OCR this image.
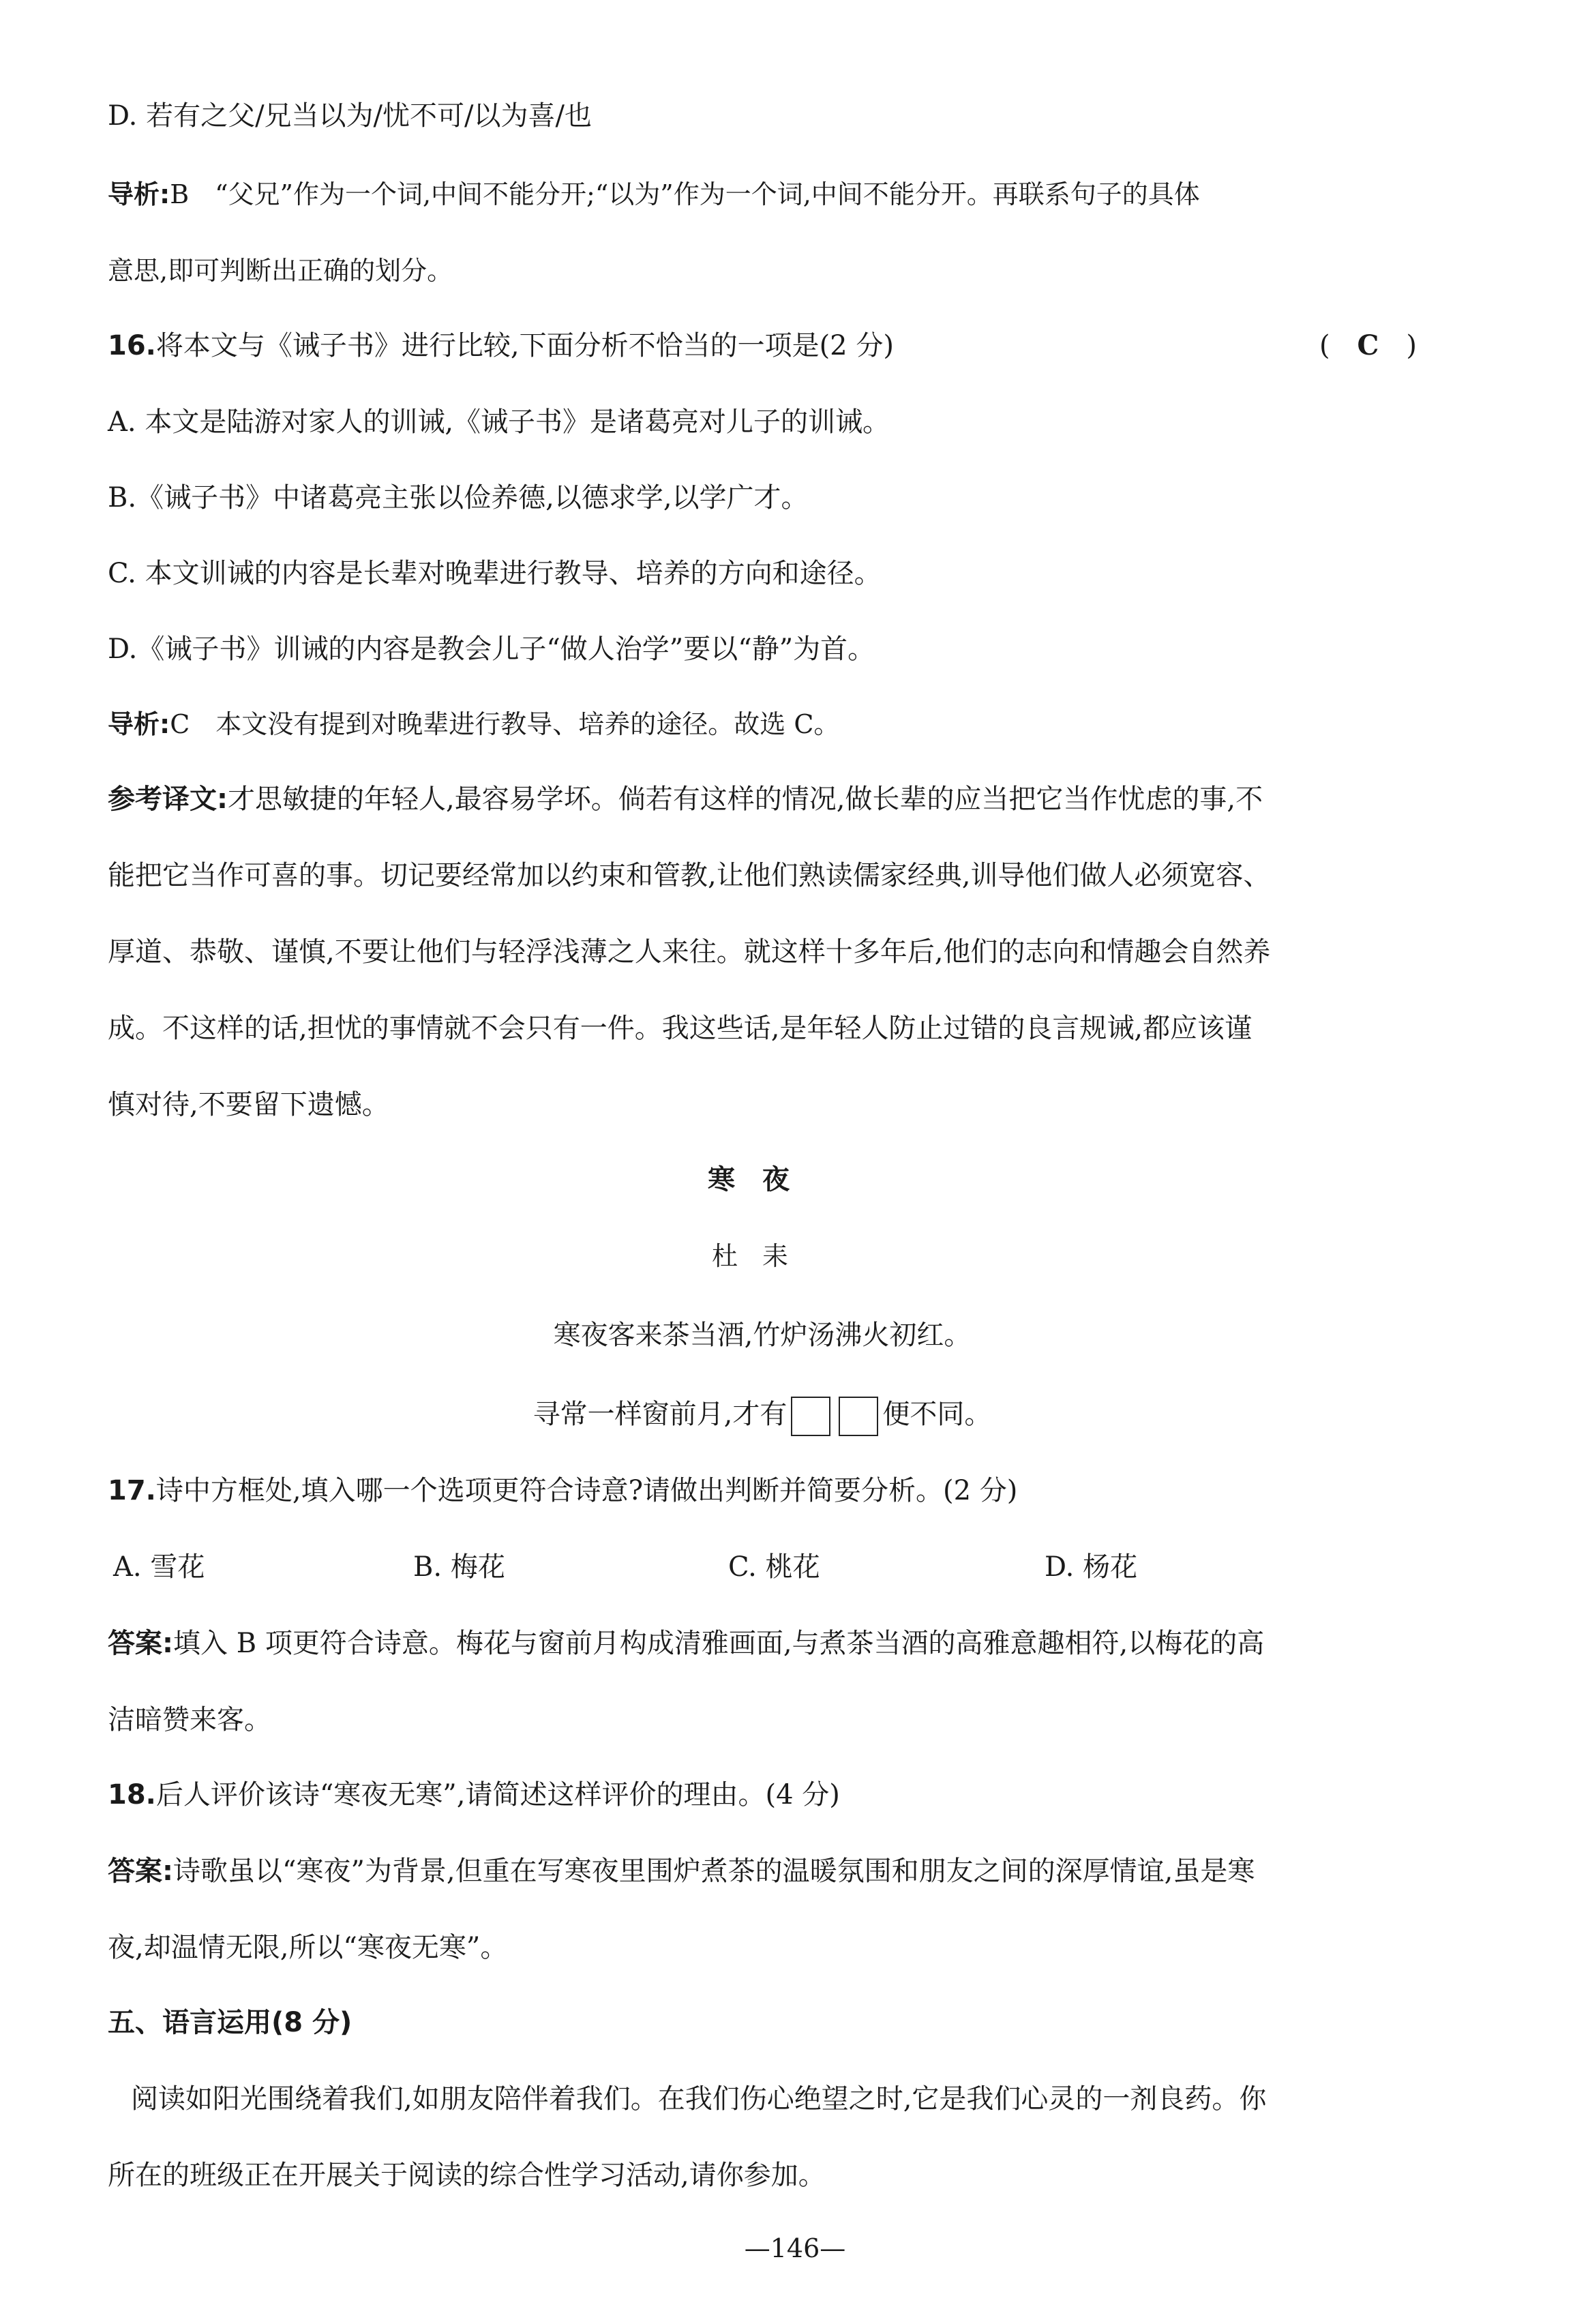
D. 若有之父/兄当以为/忧不可/以为喜/也

导析:B　“父兄”作为一个词,中间不能分开;“以为”作为一个词,中间不能分开。再联系句子的具体

意思,即可判断出正确的划分。

16.将本文与《诫子书》进行比较,下面分析不恰当的一项是(2 分)	(  C  )

A. 本文是陆游对家人的训诫,《诫子书》是诸葛亮对儿子的训诫。

B.《诫子书》中诸葛亮主张以俭养德,以德求学,以学广才。

C. 本文训诫的内容是长辈对晚辈进行教导、培养的方向和途径。

D.《诫子书》训诫的内容是教会儿子“做人治学”要以“静”为首。

导析:C　本文没有提到对晚辈进行教导、培养的途径。故选 C。

参考译文:才思敏捷的年轻人,最容易学坏。倘若有这样的情况,做长辈的应当把它当作忧虑的事,不

能把它当作可喜的事。切记要经常加以约束和管教,让他们熟读儒家经典,训导他们做人必须宽容、

厚道、恭敬、谨慎,不要让他们与轻浮浅薄之人来往。就这样十多年后,他们的志向和情趣会自然养

成。不这样的话,担忧的事情就不会只有一件。我这些话,是年轻人防止过错的良言规诫,都应该谨

慎对待,不要留下遗憾。

寒夜

杜耒

寒夜客来茶当酒,竹炉汤沸火初红。

寻常一样窗前月,才有	便不同。

17.诗中方框处,填入哪一个选项更符合诗意?请做出判断并简要分析。(2 分)

A. 雪花	B. 梅花	C. 桃花	D. 杨花

答案:填入 B 项更符合诗意。梅花与窗前月构成清雅画面,与煮茶当酒的高雅意趣相符,以梅花的高

洁暗赞来客。

18.后人评价该诗“寒夜无寒”,请简述这样评价的理由。(4 分)

答案:诗歌虽以“寒夜”为背景,但重在写寒夜里围炉煮茶的温暖氛围和朋友之间的深厚情谊,虽是寒

夜,却温情无限,所以“寒夜无寒”。

五、语言运用(8 分)

阅读如阳光围绕着我们,如朋友陪伴着我们。在我们伤心绝望之时,它是我们心灵的一剂良药。你

所在的班级正在开展关于阅读的综合性学习活动,请你参加。

—146—
